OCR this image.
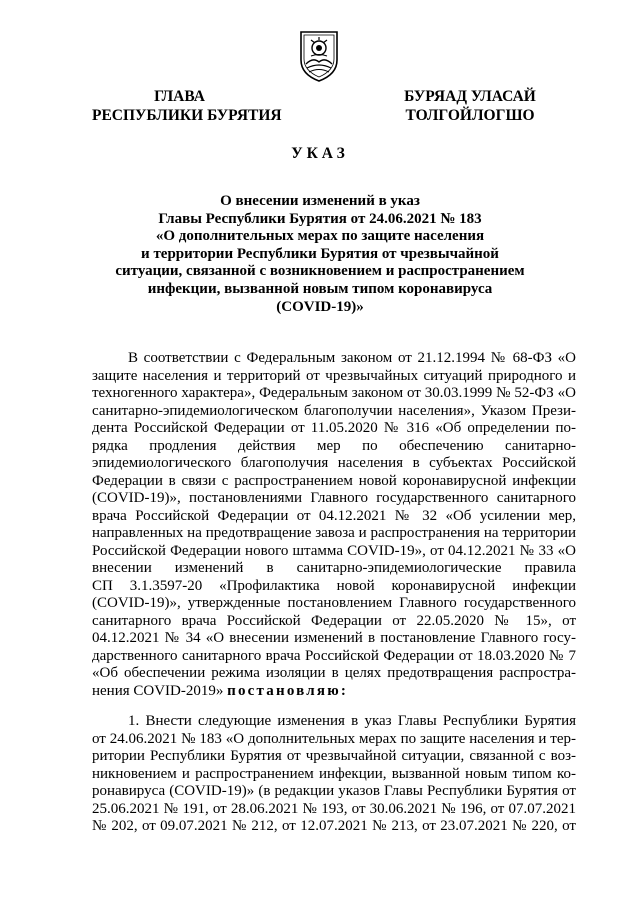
ГЛАВА
РЕСПУБЛИКИ БУРЯТИЯ
БУРЯАД УЛАСАЙ
ТОЛГОЙЛОГШО
УКАЗ
О внесении изменений в указ
Главы Республики Бурятия от 24.06.2021 № 183
«О дополнительных мерах по защите населения
и территории Республики Бурятия от чрезвычайной
ситуации, связанной с возникновением и распространением
инфекции, вызванной новым типом коронавируса
(COVID-19)»
В соответствии с Федеральным законом от 21.12.1994 № 68-ФЗ «О
защите населения и территорий от чрезвычайных ситуаций природного и
техногенного характера», Федеральным законом от 30.03.1999 № 52-ФЗ «О
санитарно-эпидемиологическом благополучии населения», Указом Прези-
дента Российской Федерации от 11.05.2020 № 316 «Об определении по-
рядка продления действия мер по обеспечению санитарно-
эпидемиологического благополучия населения в субъектах Российской
Федерации в связи с распространением новой коронавирусной инфекции
(COVID-19)», постановлениями Главного государственного санитарного
врача Российской Федерации от 04.12.2021 № 32 «Об усилении мер,
направленных на предотвращение завоза и распространения на территории
Российской Федерации нового штамма COVID-19», от 04.12.2021 № 33 «О
внесении изменений в санитарно-эпидемиологические правила
СП 3.1.3597-20 «Профилактика новой коронавирусной инфекции
(COVID-19)», утвержденные постановлением Главного государственного
санитарного врача Российской Федерации от 22.05.2020 № 15», от
04.12.2021 № 34 «О внесении изменений в постановление Главного госу-
дарственного санитарного врача Российской Федерации от 18.03.2020 № 7
«Об обеспечении режима изоляции в целях предотвращения распростра-
нения COVID-2019» постановляю:
1. Внести следующие изменения в указ Главы Республики Бурятия
от 24.06.2021 № 183 «О дополнительных мерах по защите населения и тер-
ритории Республики Бурятия от чрезвычайной ситуации, связанной с воз-
никновением и распространением инфекции, вызванной новым типом ко-
ронавируса (COVID-19)» (в редакции указов Главы Республики Бурятия от
25.06.2021 № 191, от 28.06.2021 № 193, от 30.06.2021 № 196, от 07.07.2021
№ 202, от 09.07.2021 № 212, от 12.07.2021 № 213, от 23.07.2021 № 220, от
